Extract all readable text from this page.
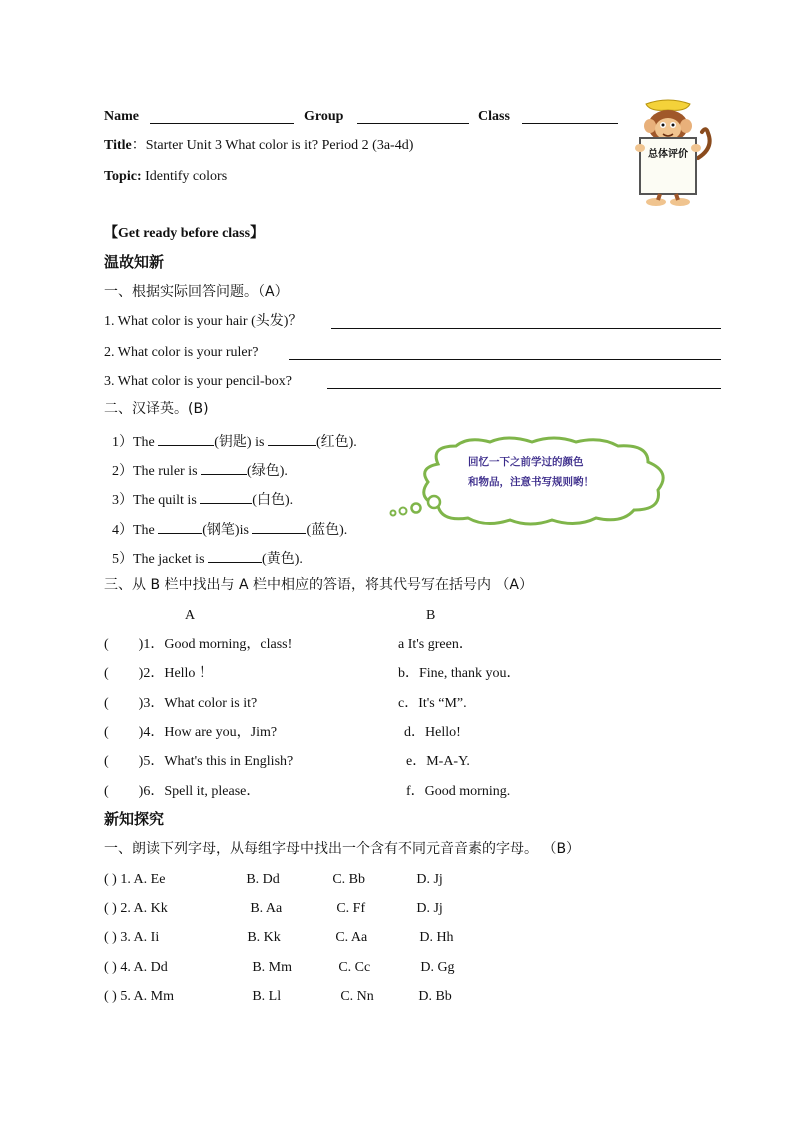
Name	Group	Class
Title：Starter Unit 3 What color is it? Period 2 (3a-4d)
Topic: Identify colors
总体评价
【Get ready before class】
温故知新
一、根据实际回答问题。（A）
1. What color is your hair (头发)？
2. What color is your ruler?
3. What color is your pencil-box?
二、汉译英。(B)
1）The	(钥匙) is	(红色).
2）The ruler is	(绿色).
3）The quilt is	(白色).
4）The	(钢笔)is	(蓝色).
5）The jacket is	(黄色).
回忆一下之前学过的颜色
和物品，注意书写规则哟！
三、从 B 栏中找出与 A 栏中相应的答语，将其代号写在括号内 （A）
A	B
( )1．Good morning，class!	a It's green．
( )2．Hello ！	b．Fine, thank you．
( )3．What color is it?	c．It's “M”.
( )4．How are you，Jim?	d．Hello!
( )5．What's this in English?	e．M-A-Y.
( )6．Spell it, please．	f．Good morning.
新知探究
一、朗读下列字母，从每组字母中找出一个含有不同元音音素的字母。 （B）
( ) 1. A. Ee	B. Dd	C. Bb	D. Jj
( ) 2. A. Kk	B. Aa	C. Ff	D. Jj
( ) 3. A. Ii	B. Kk	C. Aa	D. Hh
( ) 4. A. Dd	B. Mm	C. Cc	D. Gg
( ) 5. A. Mm	B. Ll	C. Nn	D. Bb
